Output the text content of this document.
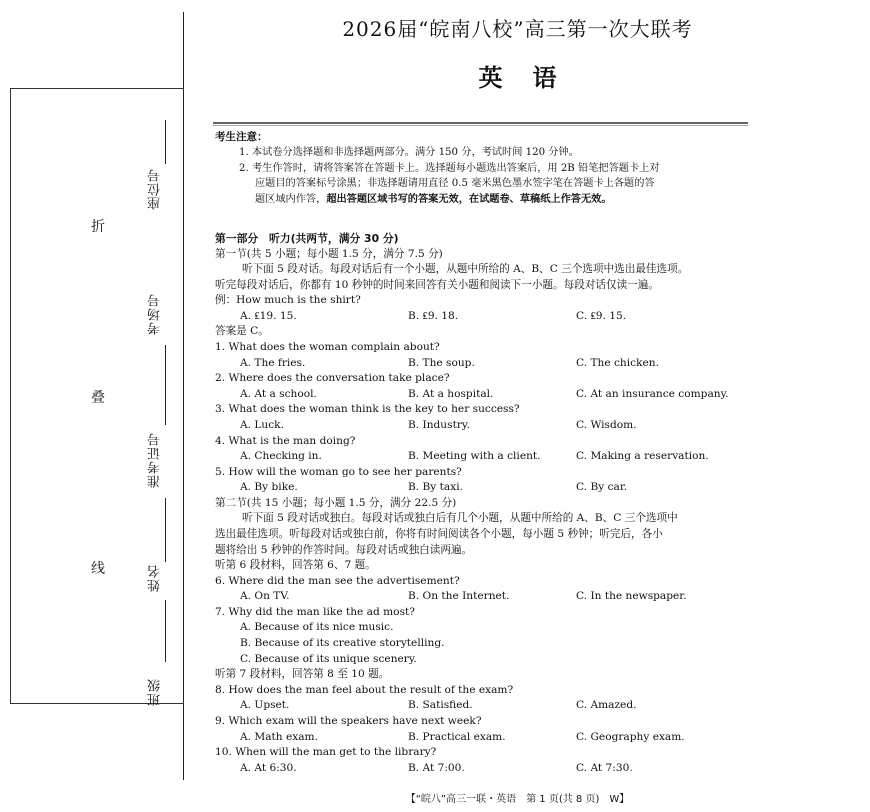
折
叠
线
座位号
考场号
准考证号
姓名
班级
2026届“皖南八校”高三第一次大联考
英语
考生注意：
1. 本试卷分选择题和非选择题两部分。满分 150 分，考试时间 120 分钟。
2. 考生作答时，请将答案答在答题卡上。选择题每小题选出答案后，用 2B 铅笔把答题卡上对
应题目的答案标号涂黑；非选择题请用直径 0.5 毫米黑色墨水签字笔在答题卡上各题的答
题区域内作答，超出答题区域书写的答案无效，在试题卷、草稿纸上作答无效。
第一部分　听力(共两节，满分 30 分)
第一节(共 5 小题；每小题 1.5 分，满分 7.5 分)
听下面 5 段对话。每段对话后有一个小题，从题中所给的 A、B、C 三个选项中选出最佳选项。
听完每段对话后，你都有 10 秒钟的时间来回答有关小题和阅读下一小题。每段对话仅读一遍。
例：How much is the shirt?
A. ₤19. 15.	B. ₤9. 18.	C. ₤9. 15.
答案是 C。
1. What does the woman complain about?
A. The fries.	B. The soup.	C. The chicken.
2. Where does the conversation take place?
A. At a school.	B. At a hospital.	C. At an insurance company.
3. What does the woman think is the key to her success?
A. Luck.	B. Industry.	C. Wisdom.
4. What is the man doing?
A. Checking in.	B. Meeting with a client.	C. Making a reservation.
5. How will the woman go to see her parents?
A. By bike.	B. By taxi.	C. By car.
第二节(共 15 小题；每小题 1.5 分，满分 22.5 分)
听下面 5 段对话或独白。每段对话或独白后有几个小题，从题中所给的 A、B、C 三个选项中
选出最佳选项。听每段对话或独白前，你将有时间阅读各个小题，每小题 5 秒钟；听完后，各小
题将给出 5 秒钟的作答时间。每段对话或独白读两遍。
听第 6 段材料，回答第 6、7 题。
6. Where did the man see the advertisement?
A. On TV.	B. On the Internet.	C. In the newspaper.
7. Why did the man like the ad most?
A. Because of its nice music.
B. Because of its creative storytelling.
C. Because of its unique scenery.
听第 7 段材料，回答第 8 至 10 题。
8. How does the man feel about the result of the exam?
A. Upset.	B. Satisfied.	C. Amazed.
9. Which exam will the speakers have next week?
A. Math exam.	B. Practical exam.	C. Geography exam.
10. When will the man get to the library?
A. At 6:30.	B. At 7:00.	C. At 7:30.
【“皖八”高三一联・英语　第 1 页(共 8 页)　W】
